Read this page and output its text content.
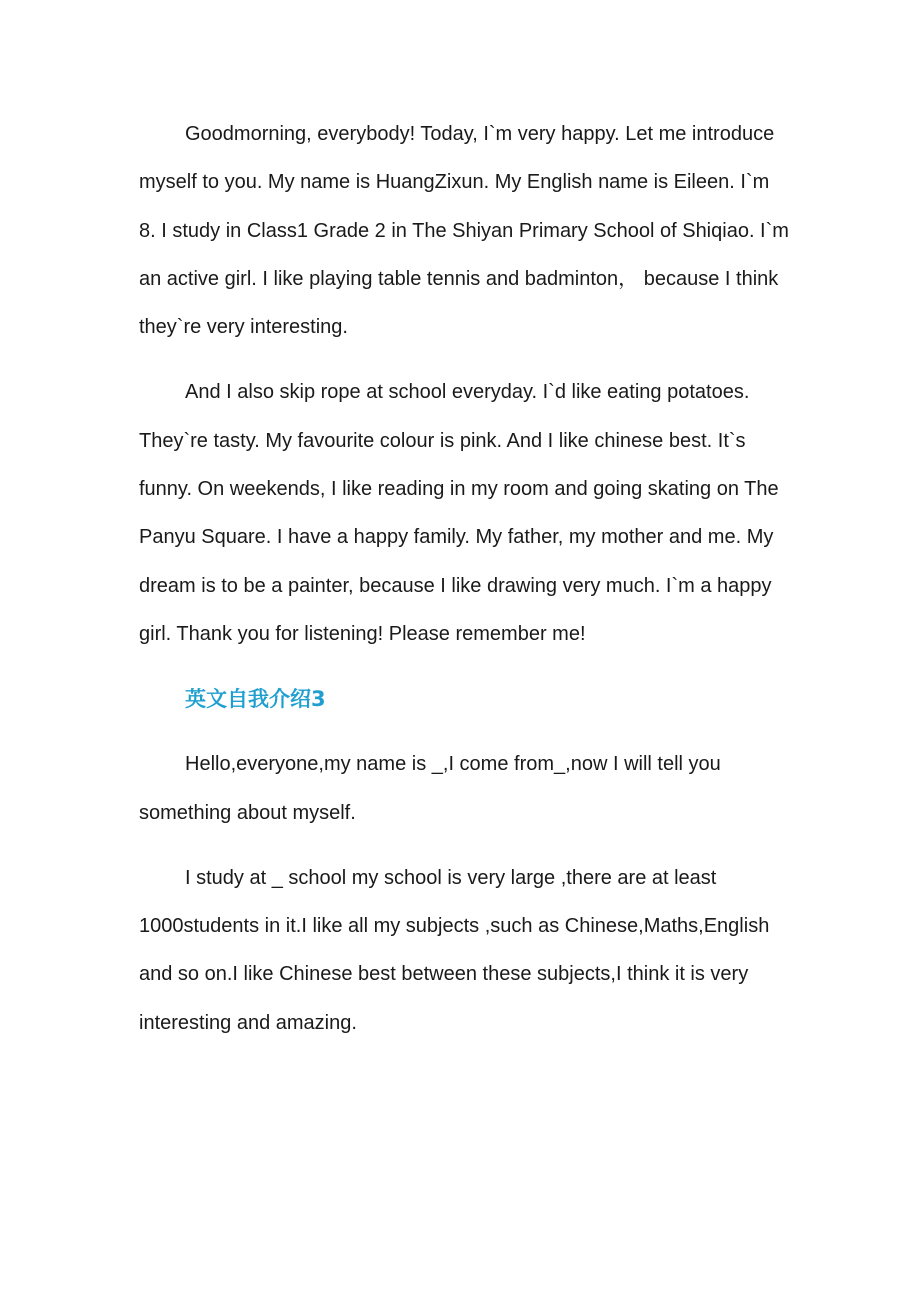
Goodmorning, everybody! Today, I`m very happy. Let me introduce myself to you. My name is HuangZixun. My English name is Eileen. I`m 8. I study in Class1 Grade 2 in The Shiyan Primary School of Shiqiao. I`m an active girl. I like playing table tennis and badminton， because I think they`re very interesting.

And I also skip rope at school everyday. I`d like eating potatoes. They`re tasty. My favourite colour is pink. And I like chinese best. It`s funny. On weekends, I like reading in my room and going skating on The Panyu Square. I have a happy family. My father, my mother and me. My dream is to be a painter, because I like drawing very much. I`m a happy girl. Thank you for listening! Please remember me!

英文自我介绍3

Hello,everyone,my name is _,I come from_,now I will tell you something about myself.

I study at _ school my school is very large ,there are at least 1000students in it.I like all my subjects ,such as Chinese,Maths,English and so on.I like Chinese best between these subjects,I think it is very interesting and amazing.
